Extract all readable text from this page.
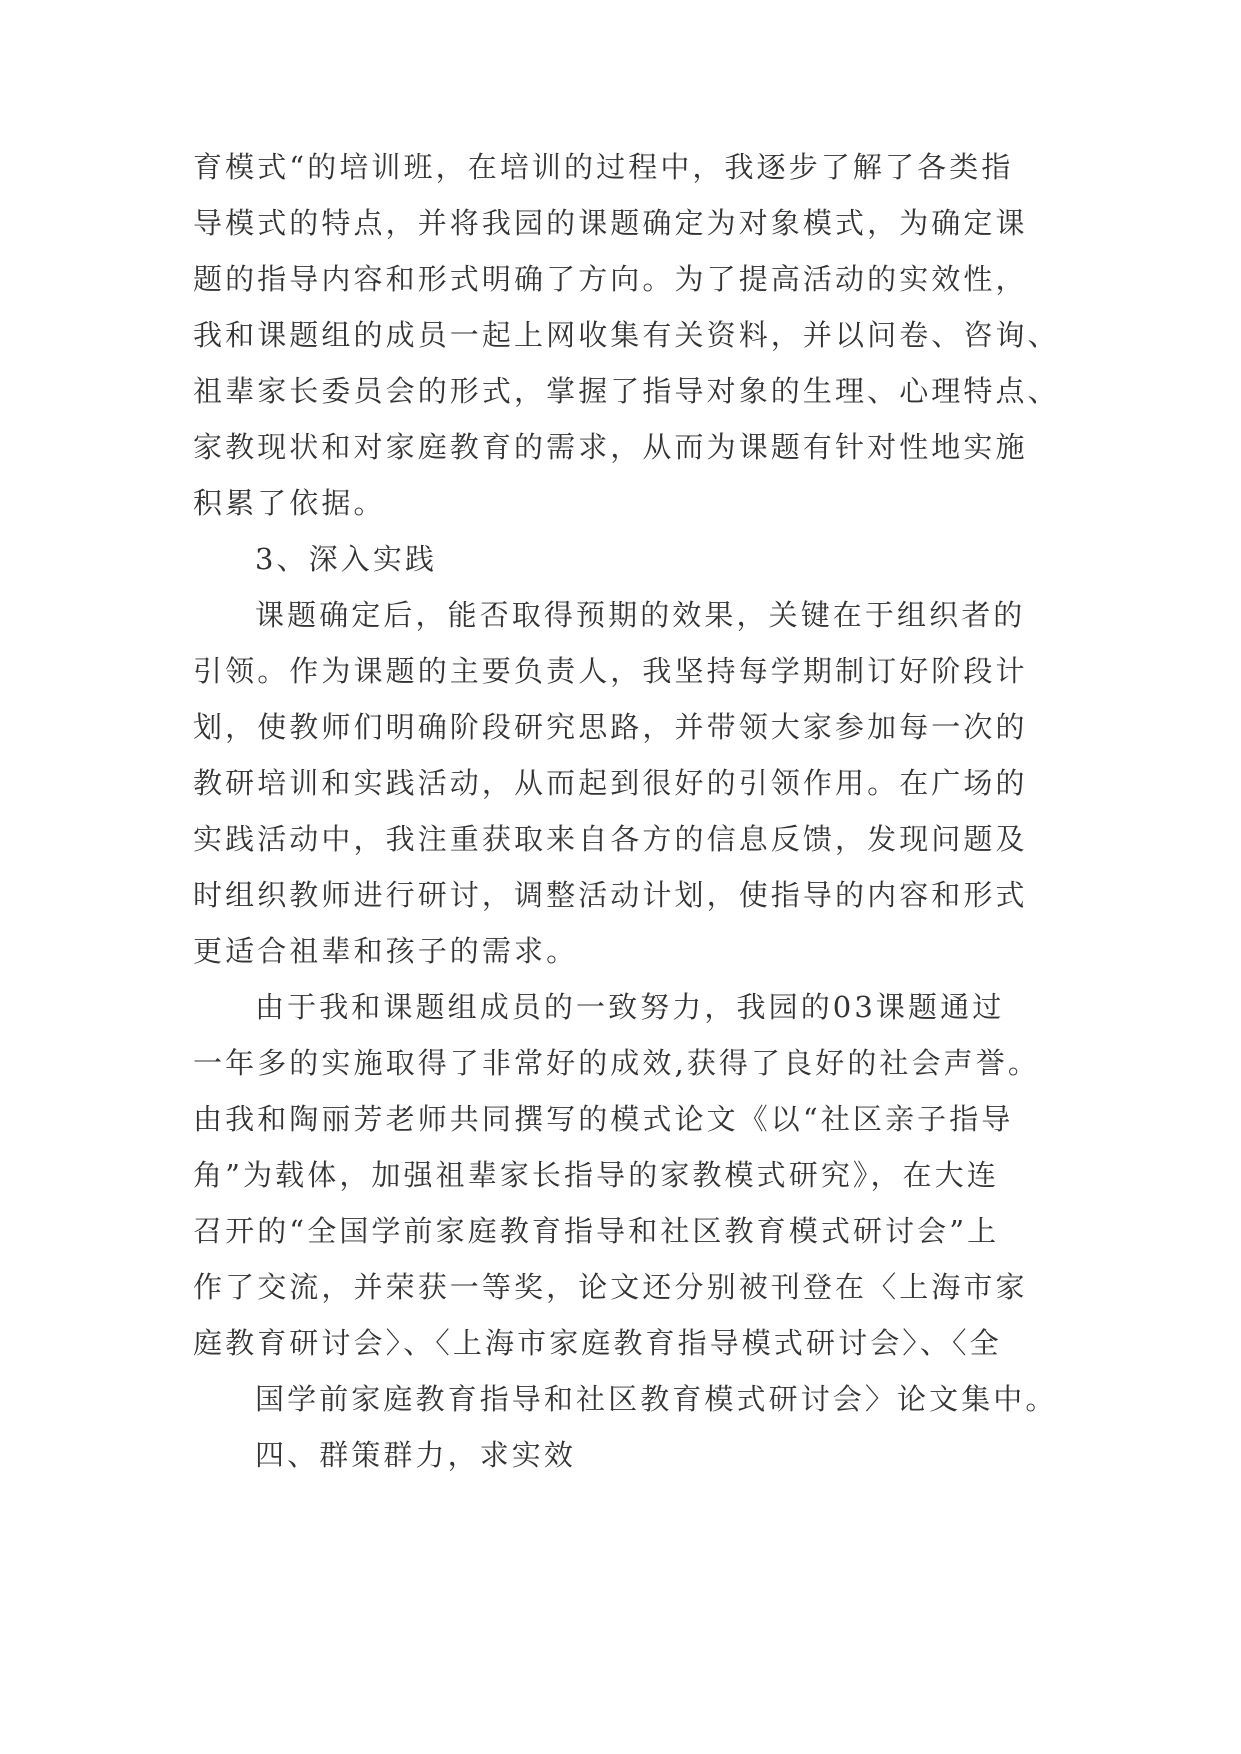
育模式“的培训班，在培训的过程中，我逐步了解了各类指
导模式的特点，并将我园的课题确定为对象模式，为确定课
题的指导内容和形式明确了方向。为了提高活动的实效性，
我和课题组的成员一起上网收集有关资料，并以问卷、咨询、
祖辈家长委员会的形式，掌握了指导对象的生理、心理特点、
家教现状和对家庭教育的需求，从而为课题有针对性地实施
积累了依据。
3、深入实践
课题确定后，能否取得预期的效果，关键在于组织者的
引领。作为课题的主要负责人，我坚持每学期制订好阶段计
划，使教师们明确阶段研究思路，并带领大家参加每一次的
教研培训和实践活动，从而起到很好的引领作用。在广场的
实践活动中，我注重获取来自各方的信息反馈，发现问题及
时组织教师进行研讨，调整活动计划，使指导的内容和形式
更适合祖辈和孩子的需求。
由于我和课题组成员的一致努力，我园的03课题通过
一年多的实施取得了非常好的成效,获得了良好的社会声誉。
由我和陶丽芳老师共同撰写的模式论文《以“社区亲子指导
角”为载体，加强祖辈家长指导的家教模式研究》，在大连
召开的“全国学前家庭教育指导和社区教育模式研讨会”上
作了交流，并荣获一等奖，论文还分别被刊登在〈上海市家
庭教育研讨会〉、〈上海市家庭教育指导模式研讨会〉、〈全
国学前家庭教育指导和社区教育模式研讨会〉论文集中。
四、群策群力，求实效
